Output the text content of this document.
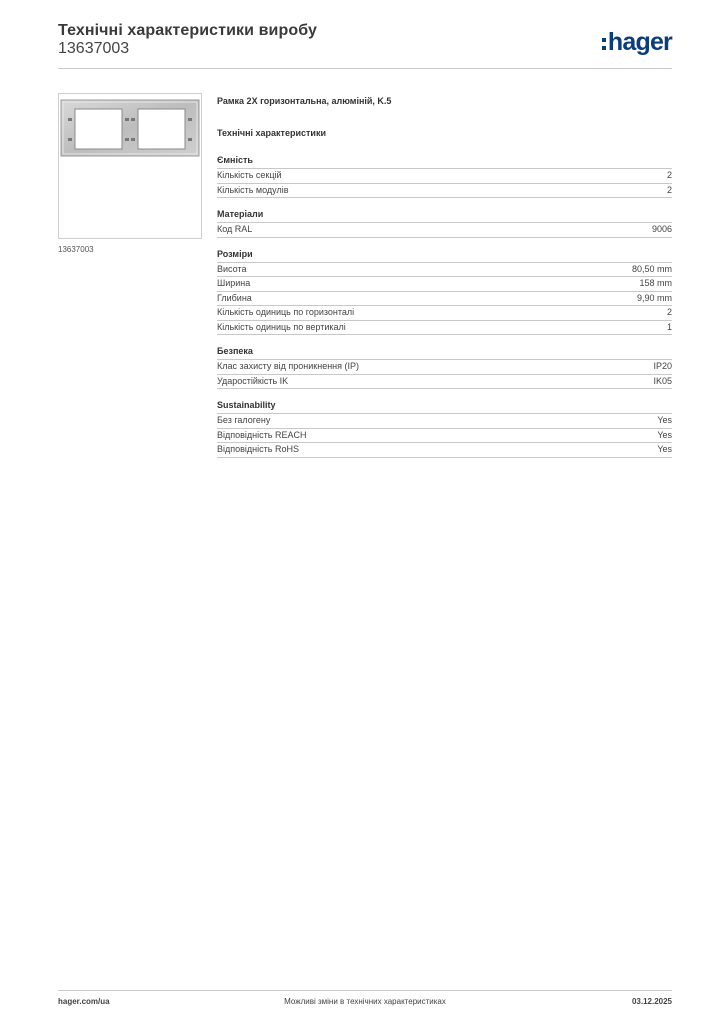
Технічні характеристики виробу
13637003	hager
13637003
Рамка 2X горизонтальна, алюміній, K.5
Технічні характеристики
Ємність
Кількість секцій	2
Кількість модулів	2
Матеріали
Код RAL	9006
Розміри
Висота	80,50 mm
Ширина	158 mm
Глибина	9,90 mm
Кількість одиниць по горизонталі	2
Кількість одиниць по вертикалі	1
Безпека
Клас захисту від проникнення (IP)	IP20
Ударостійкість IK	IK05
Sustainability
Без галогену	Yes
Відповідність REACH	Yes
Відповідність RoHS	Yes
hager.com/ua	Можливі зміни в технічних характеристиках	03.12.2025
